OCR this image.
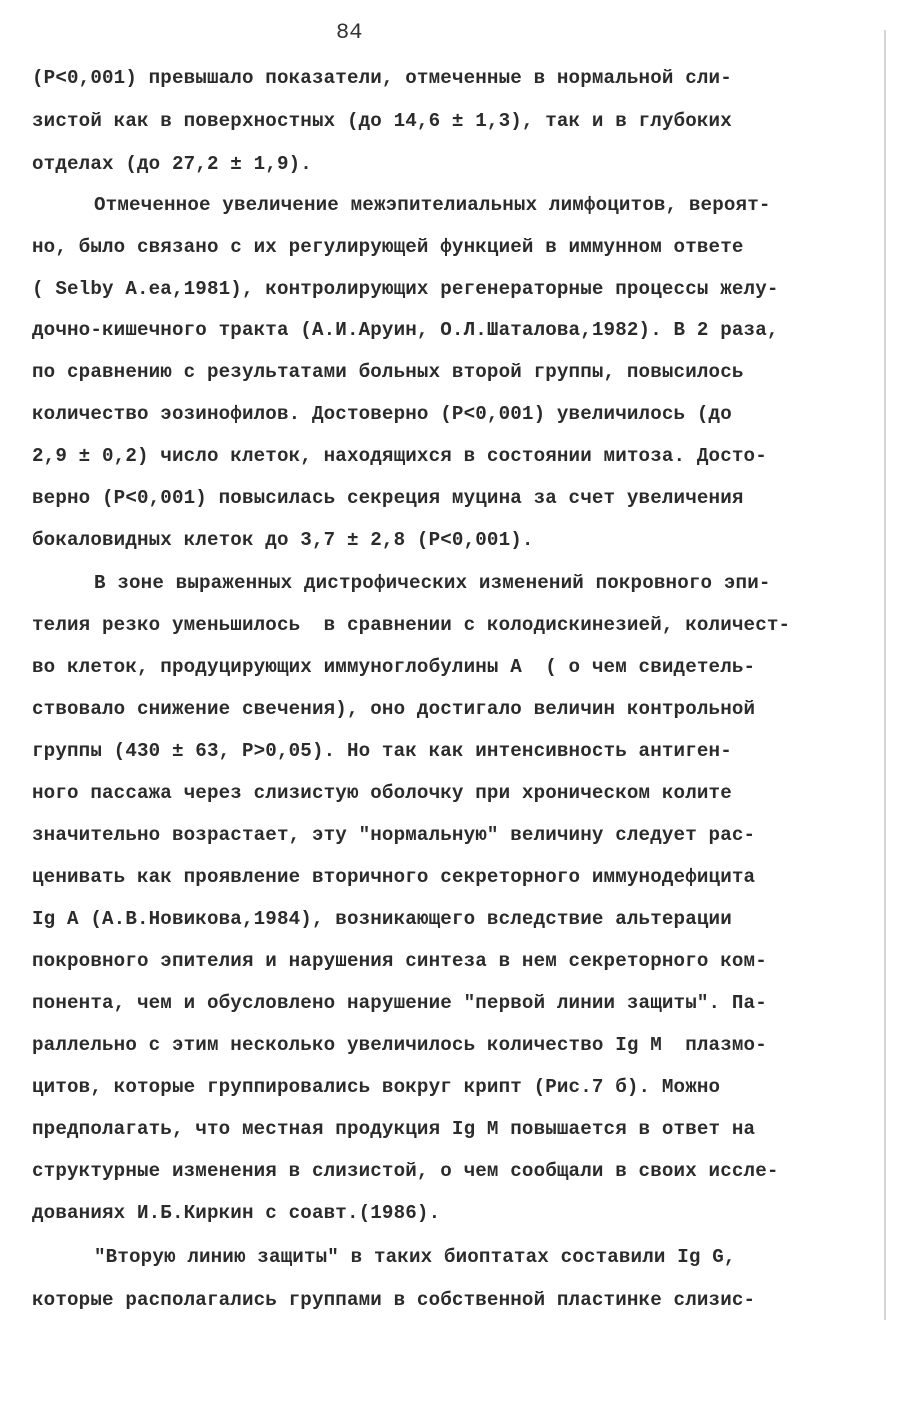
84
(Р<0,001) превышало показатели, отмеченные в нормальной сли-
зистой как в поверхностных (до 14,6 ± 1,3), так и в глубоких
отделах (до 27,2 ± 1,9).
Отмеченное увеличение межэпителиальных лимфоцитов, вероят-
но, было связано с их регулирующей функцией в иммунном ответе
( Selby A.ea,1981), контролирующих регенераторные процессы желу-
дочно-кишечного тракта (А.И.Аруин, О.Л.Шаталова,1982). В 2 раза,
по сравнению с результатами больных второй группы, повысилось
количество эозинофилов. Достоверно (Р<0,001) увеличилось (до
2,9 ± 0,2) число клеток, находящихся в состоянии митоза. Досто-
верно (Р<0,001) повысилась секреция муцина за счет увеличения
бокаловидных клеток до 3,7 ± 2,8 (Р<0,001).
В зоне выраженных дистрофических изменений покровного эпи-
телия резко уменьшилось  в сравнении с колодискинезией, количест-
во клеток, продуцирующих иммуноглобулины А  ( о чем свидетель-
ствовало снижение свечения), оно достигало величин контрольной
группы (430 ± 63, Р>0,05). Но так как интенсивность антиген-
ного пассажа через слизистую оболочку при хроническом колите
значительно возрастает, эту "нормальную" величину следует рас-
ценивать как проявление вторичного секреторного иммунодефицита
Ig А (А.В.Новикова,1984), возникающего вследствие альтерации
покровного эпителия и нарушения синтеза в нем секреторного ком-
понента, чем и обусловлено нарушение "первой линии защиты". Па-
раллельно с этим несколько увеличилось количество Ig М  плазмо-
цитов, которые группировались вокруг крипт (Рис.7 б). Можно
предполагать, что местная продукция Ig М повышается в ответ на
структурные изменения в слизистой, о чем сообщали в своих иссле-
дованиях И.Б.Киркин с соавт.(1986).
"Вторую линию защиты" в таких биоптатах составили Ig G,
которые располагались группами в собственной пластинке слизис-
